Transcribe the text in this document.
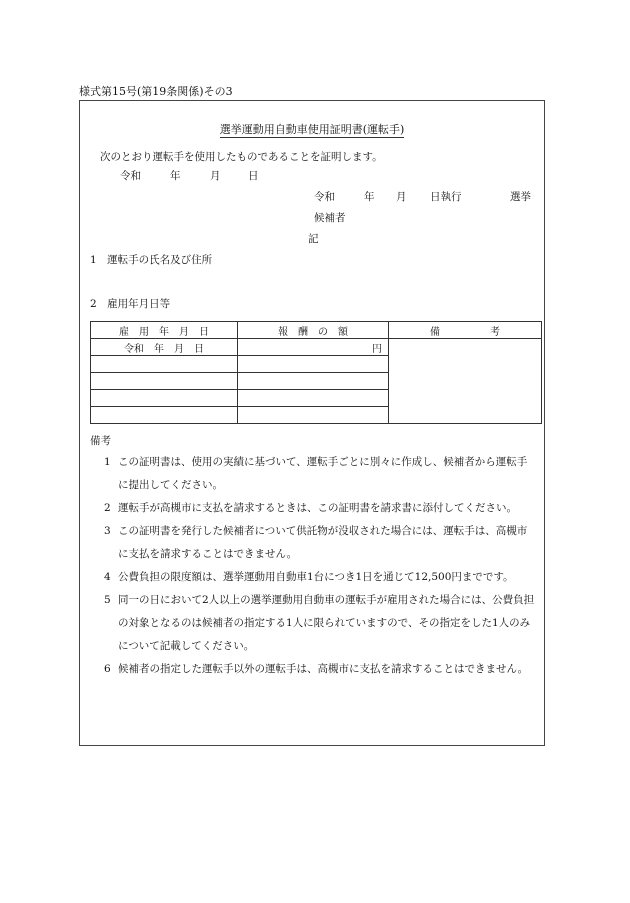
様式第15号(第19条関係)その3
選挙運動用自動車使用証明書(運転手)
次のとおり運転手を使用したものであることを証明します。
令和	年	月	日
令和	年 月 日執行	選挙
候補者
記
1　運転手の氏名及び住所
2　雇用年月日等
雇　用　年　月　日	報　酬　の　額	備　　　　　考
令和　年　月　日	円	

備考
1 この証明書は、使用の実績に基づいて、運転手ごとに別々に作成し、候補者から運転手に提出してください。
2 運転手が高槻市に支払を請求するときは、この証明書を請求書に添付してください。
3 この証明書を発行した候補者について供託物が没収された場合には、運転手は、高槻市に支払を請求することはできません。
4 公費負担の限度額は、選挙運動用自動車1台につき1日を通じて12,500円までです。
5 同一の日において2人以上の選挙運動用自動車の運転手が雇用された場合には、公費負担の対象となるのは候補者の指定する1人に限られていますので、その指定をした1人のみについて記載してください。
6 候補者の指定した運転手以外の運転手は、高槻市に支払を請求することはできません。
